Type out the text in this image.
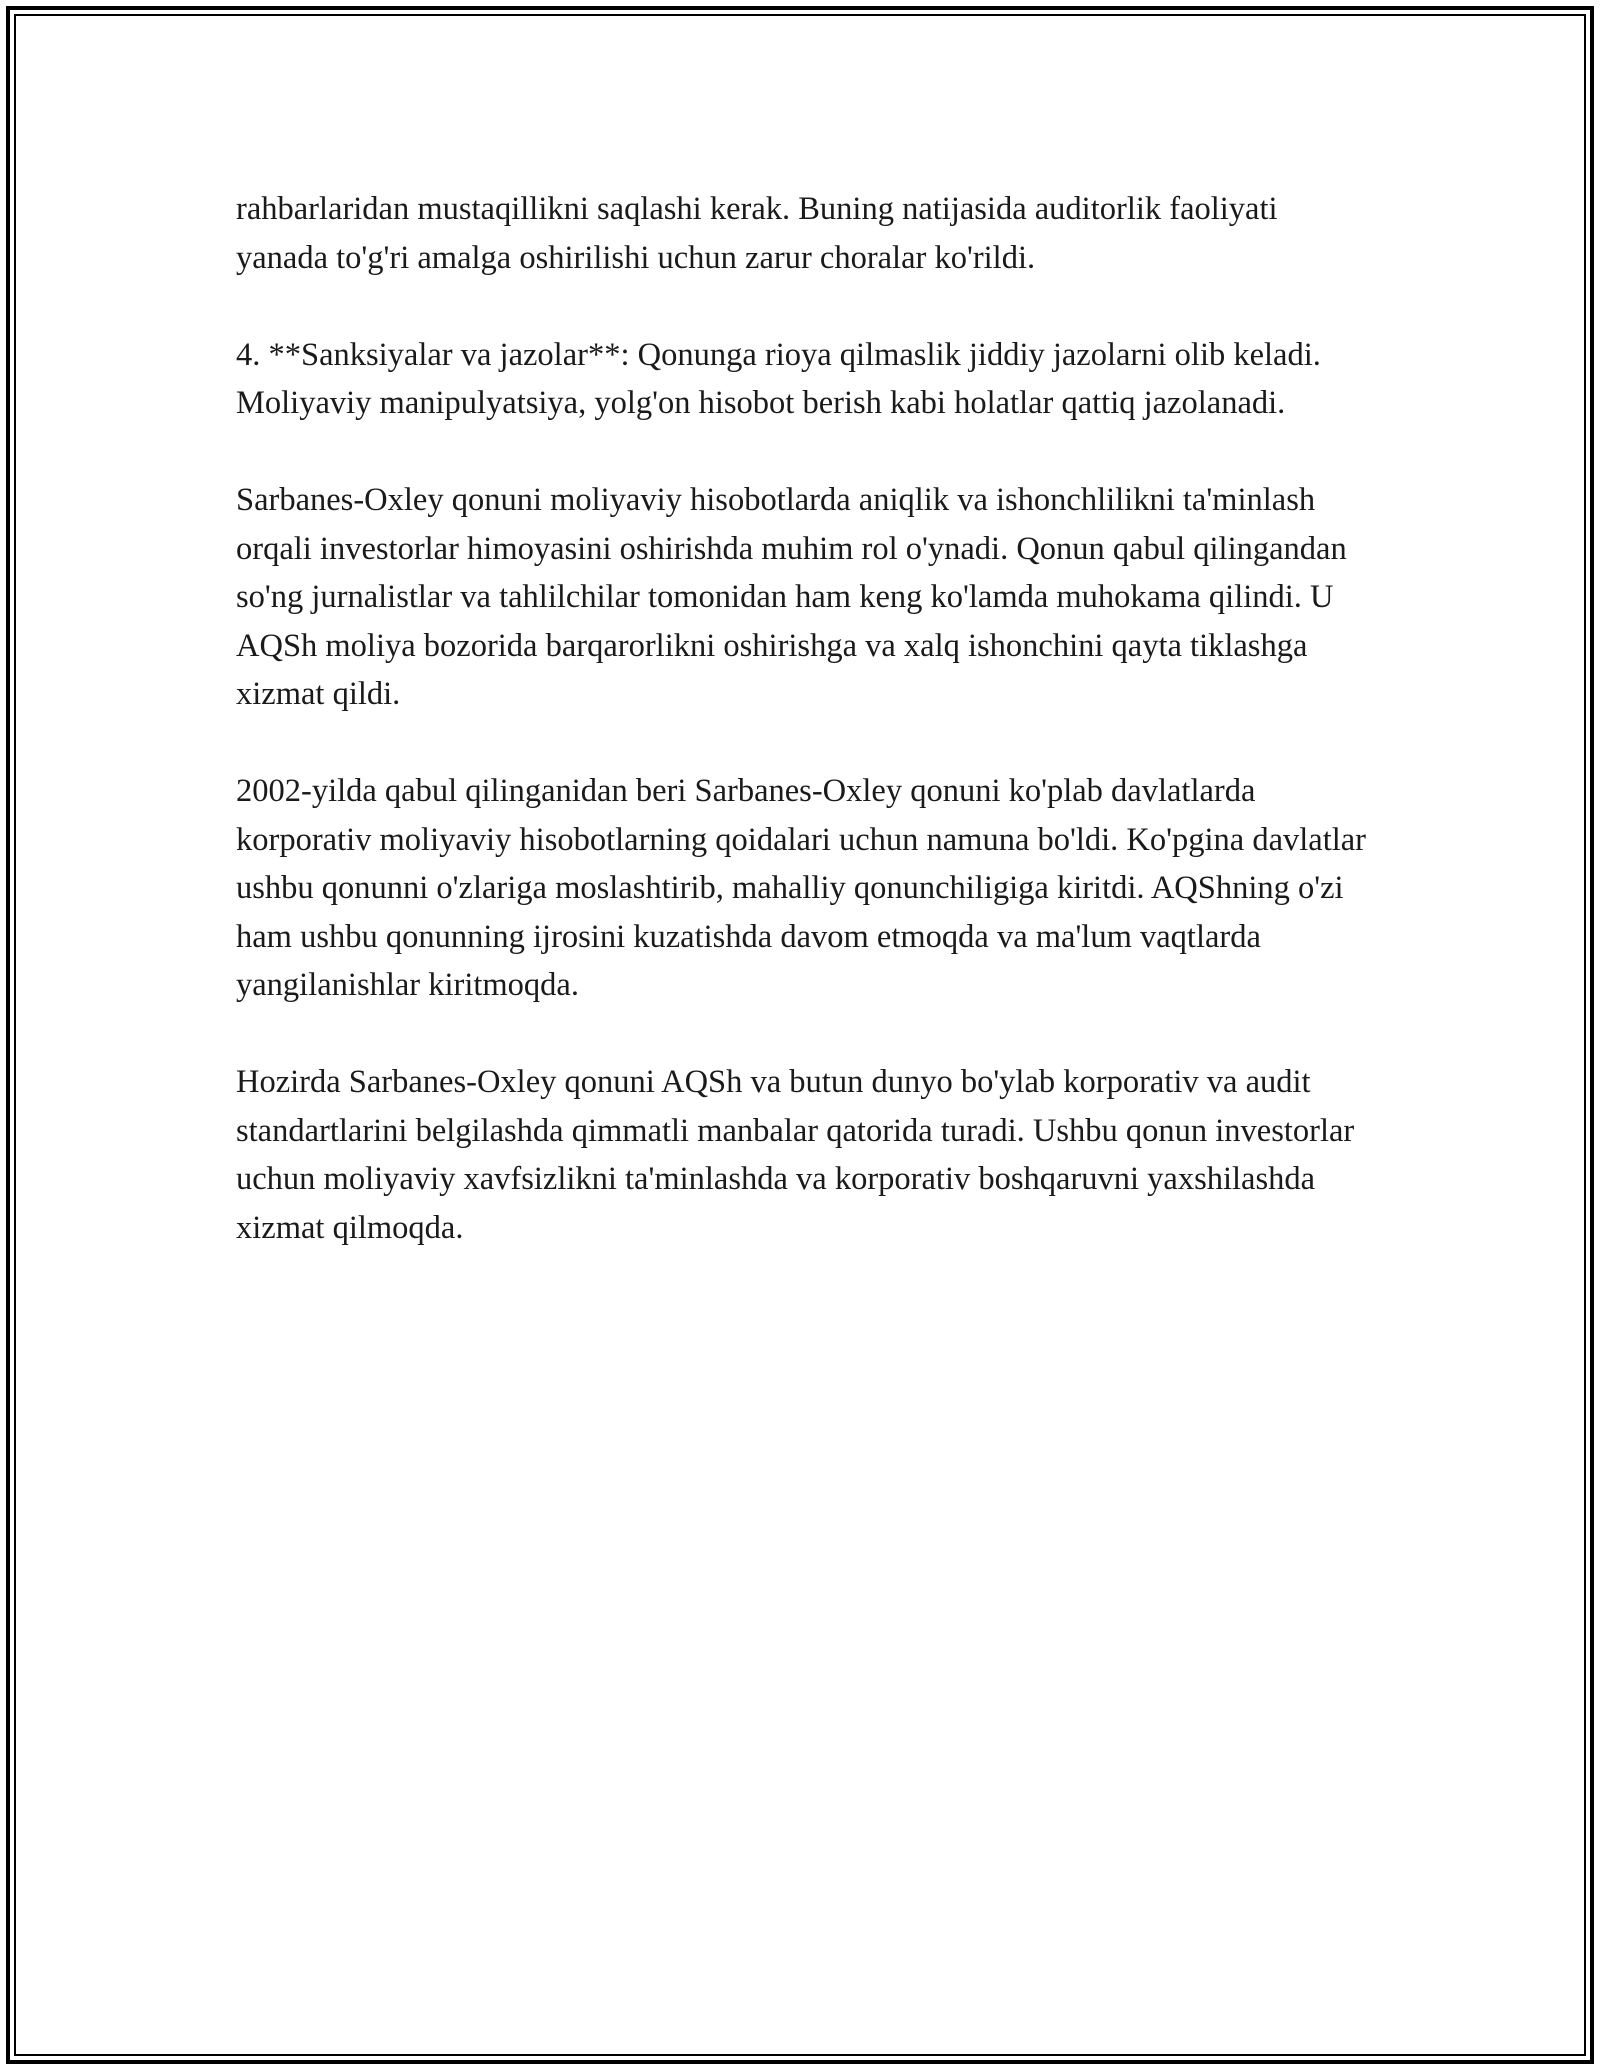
rahbarlaridan mustaqillikni saqlashi kerak. Buning natijasida auditorlik faoliyati yanada to'g'ri amalga oshirilishi uchun zarur choralar ko'rildi.

4. **Sanksiyalar va jazolar**: Qonunga rioya qilmaslik jiddiy jazolarni olib keladi. Moliyaviy manipulyatsiya, yolg'on hisobot berish kabi holatlar qattiq jazolanadi.

Sarbanes-Oxley qonuni moliyaviy hisobotlarda aniqlik va ishonchlilikni ta'minlash orqali investorlar himoyasini oshirishda muhim rol o'ynadi. Qonun qabul qilingandan so'ng jurnalistlar va tahlilchilar tomonidan ham keng ko'lamda muhokama qilindi. U AQSh moliya bozorida barqarorlikni oshirishga va xalq ishonchini qayta tiklashga xizmat qildi.

2002-yilda qabul qilinganidan beri Sarbanes-Oxley qonuni ko'plab davlatlarda korporativ moliyaviy hisobotlarning qoidalari uchun namuna bo'ldi. Ko'pgina davlatlar ushbu qonunni o'zlariga moslashtirib, mahalliy qonunchiligiga kiritdi. AQShning o'zi ham ushbu qonunning ijrosini kuzatishda davom etmoqda va ma'lum vaqtlarda yangilanishlar kiritmoqda.

Hozirda Sarbanes-Oxley qonuni AQSh va butun dunyo bo'ylab korporativ va audit standartlarini belgilashda qimmatli manbalar qatorida turadi. Ushbu qonun investorlar uchun moliyaviy xavfsizlikni ta'minlashda va korporativ boshqaruvni yaxshilashda xizmat qilmoqda.
